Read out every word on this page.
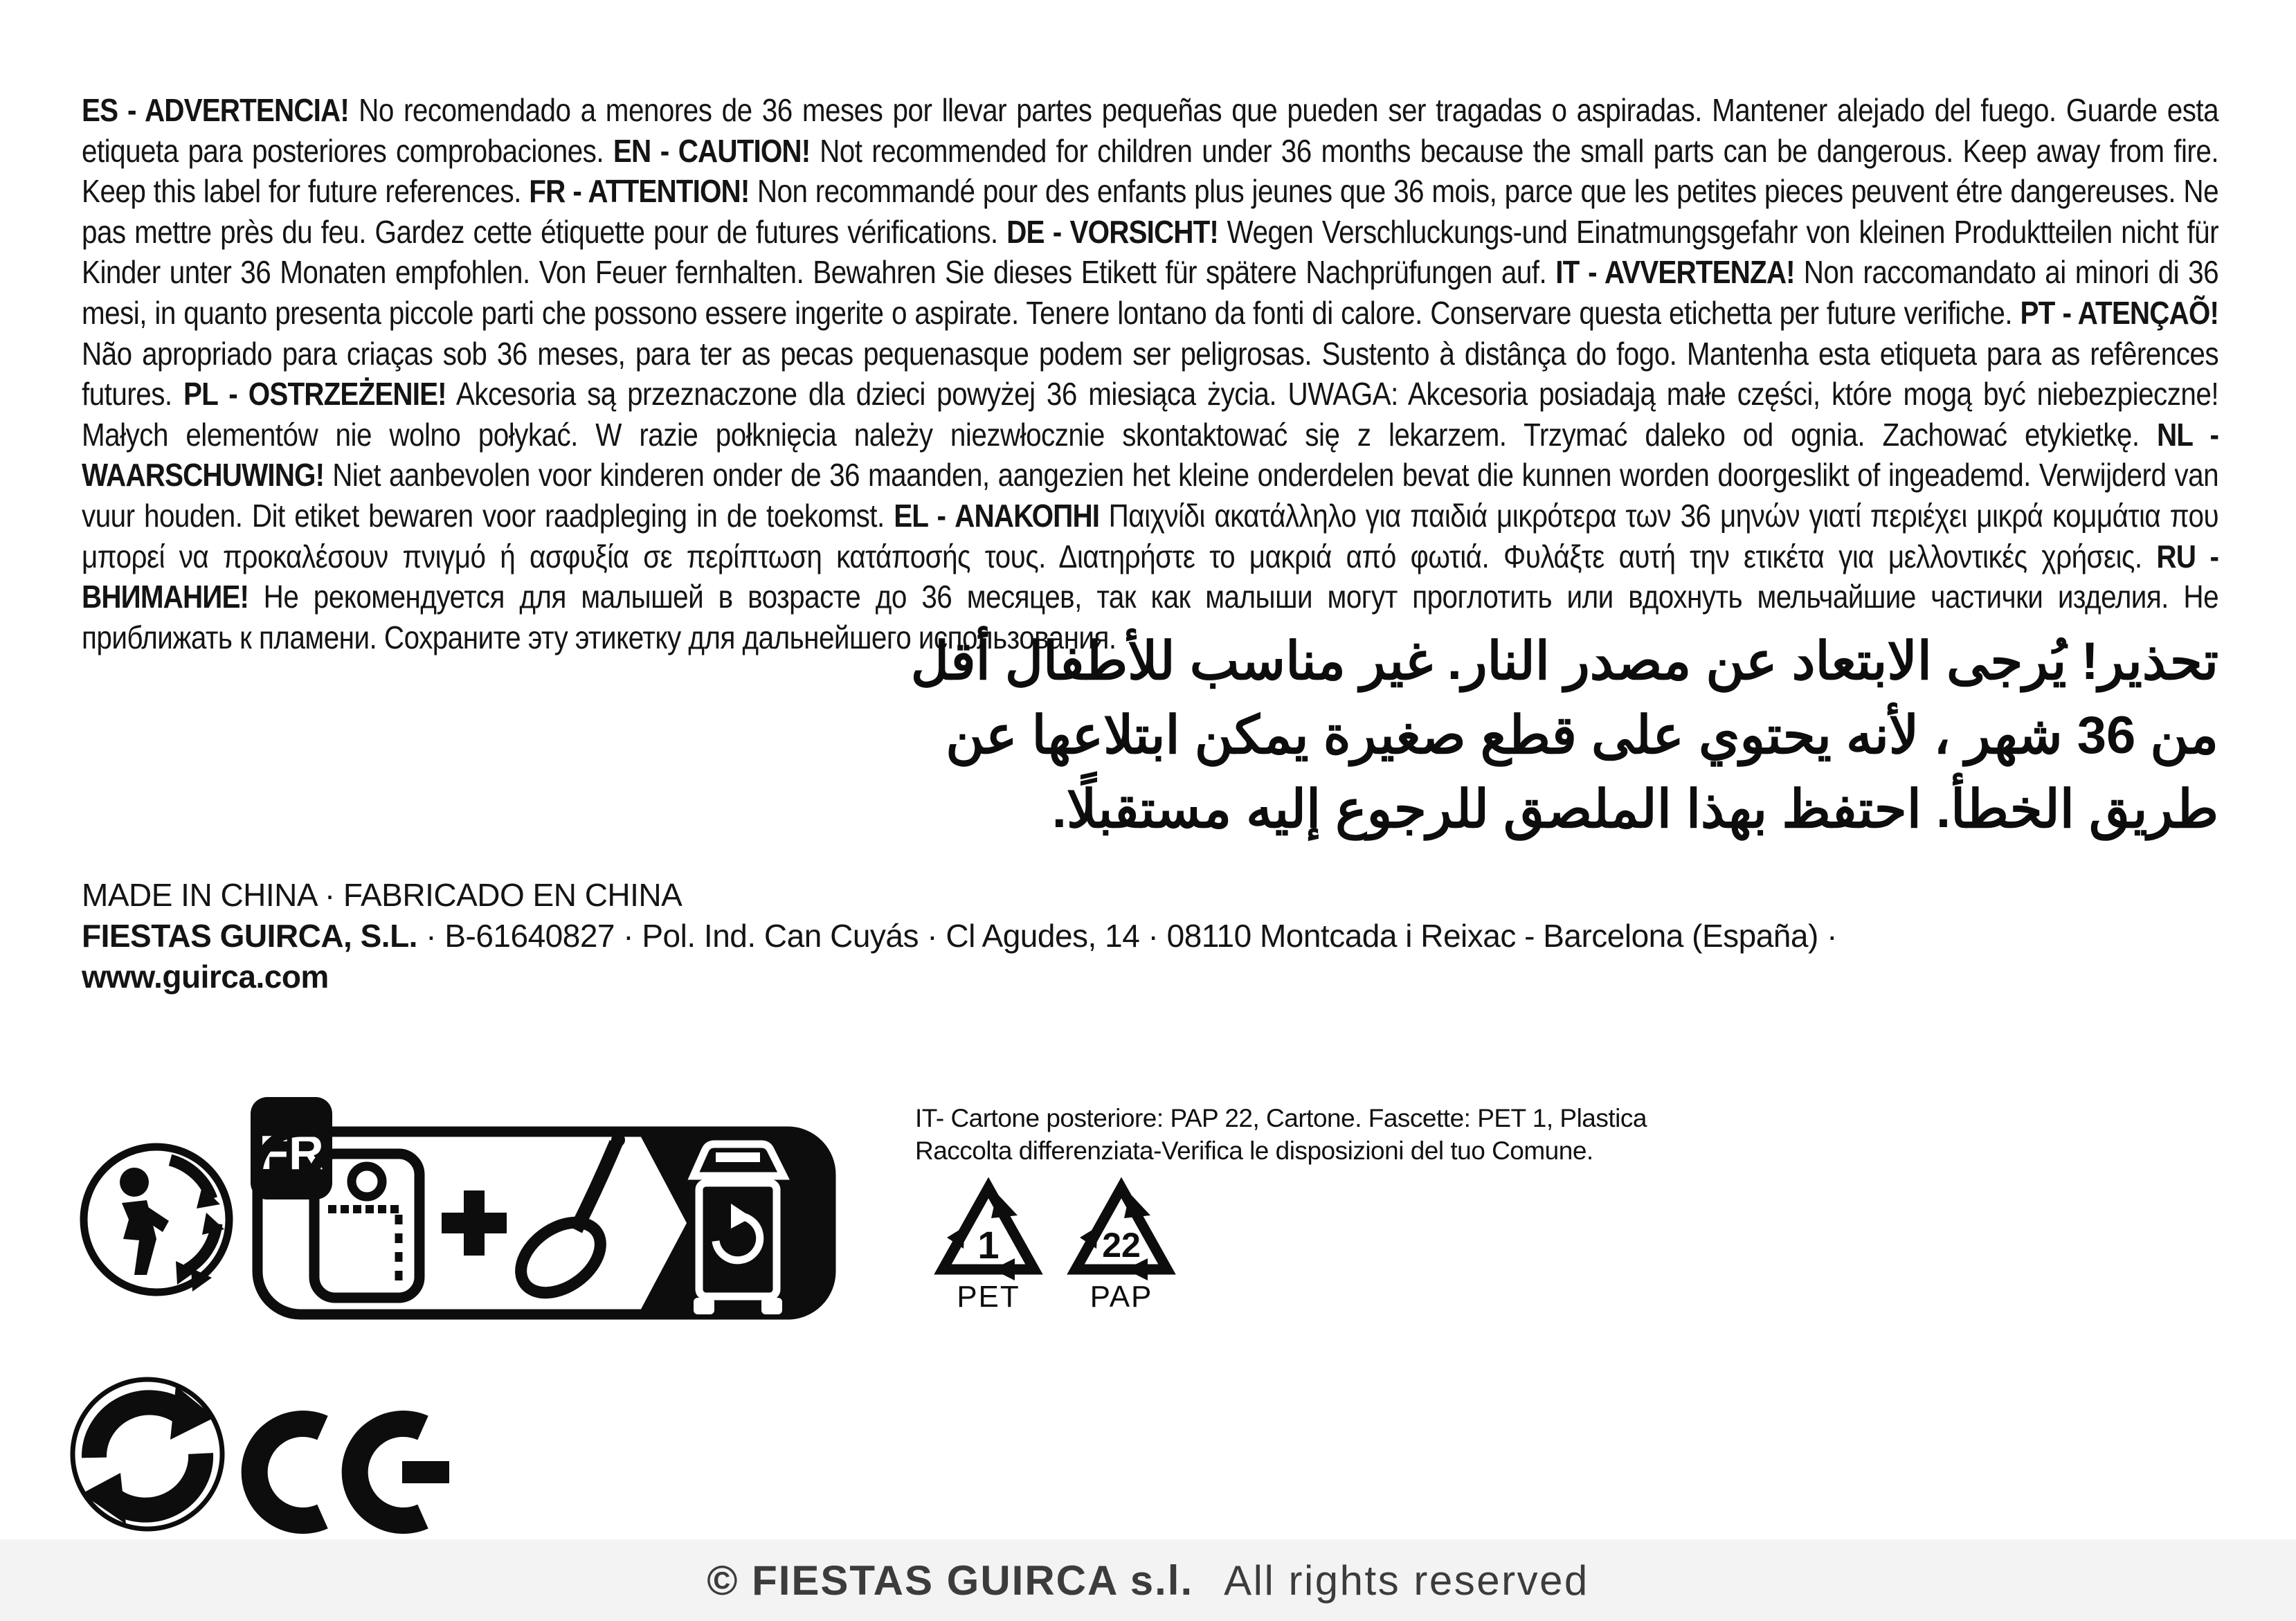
ES - ADVERTENCIA! No recomendado a menores de 36 meses por llevar partes pequeñas que pueden ser tragadas o aspiradas. Mantener alejado del fuego. Guarde esta etiqueta para posteriores comprobaciones. EN - CAUTION! Not recommended for children under 36 months because the small parts can be dangerous. Keep away from fire. Keep this label for future references. FR - ATTENTION! Non recommandé pour des enfants plus jeunes que 36 mois, parce que les petites pieces peuvent étre dangereuses. Ne pas mettre près du feu. Gardez cette étiquette pour de futures vérifications. DE - VORSICHT! Wegen Verschluckungs-und Einatmungsgefahr von kleinen Produktteilen nicht für Kinder unter 36 Monaten empfohlen. Von Feuer fernhalten. Bewahren Sie dieses Etikett für spätere Nachprüfungen auf. IT - AVVERTENZA! Non raccomandato ai minori di 36 mesi, in quanto presenta piccole parti che possono essere ingerite o aspirate. Tenere lontano da fonti di calore. Conservare questa etichetta per future verifiche. PT - ATENÇAÕ! Não apropriado para criaças sob 36 meses, para ter as pecas pequenasque podem ser peligrosas. Sustento à distânça do fogo. Mantenha esta etiqueta para as refêrences futures. PL - OSTRZEŻENIE! Akcesoria są przeznaczone dla dzieci powyżej 36 miesiąca życia. UWAGA: Akcesoria posiadają małe części, które mogą być niebezpieczne! Małych elementów nie wolno połykać. W razie połknięcia należy niezwłocznie skontaktować się z lekarzem. Trzymać daleko od ognia. Zachować etykietkę. NL - WAARSCHUWING! Niet aanbevolen voor kinderen onder de 36 maanden, aangezien het kleine onderdelen bevat die kunnen worden doorgeslikt of ingeademd. Verwijderd van vuur houden. Dit etiket bewaren voor raadpleging in de toekomst. EL - ΑΝΑΚΟΠΗΙ Παιχνίδι ακατάλληλο για παιδιά μικρότερα των 36 μηνών γιατί περιέχει μικρά κομμάτια που μπορεί να προκαλέσουν πνιγμό ή ασφυξία σε περίπτωση κατάποσής τους. Διατηρήστε το μακριά από φωτιά. Φυλάξτε αυτή την ετικέτα για μελλοντικές χρήσεις. RU - ВНИМАНИЕ! Не рекомендуется для малышей в возрасте до 36 месяцев, так как малыши могут проглотить или вдохнуть мельчайшие частички изделия. Не приближать к пламени. Сохраните эту этикетку для дальнейшего использования.

تحذير! يُرجى الابتعاد عن مصدر النار. غير مناسب للأطفال أقل
من 36 شهر ، لأنه يحتوي على قطع صغيرة يمكن ابتلاعها عن
طريق الخطأ. احتفظ بهذا الملصق للرجوع إليه مستقبلًا.
MADE IN CHINA · FABRICADO EN CHINA
FIESTAS GUIRCA, S.L. · B-61640827 · Pol. Ind. Can Cuyás · Cl Agudes, 14 · 08110 Montcada i Reixac - Barcelona (España) · www.guirca.com
IT- Cartone posteriore: PAP 22, Cartone. Fascette: PET 1, Plastica
Raccolta differenziata-Verifica le disposizioni del tuo Comune.
FR
1
PET
22
PAP
© FIESTAS GUIRCA s.l. All rights reserved
